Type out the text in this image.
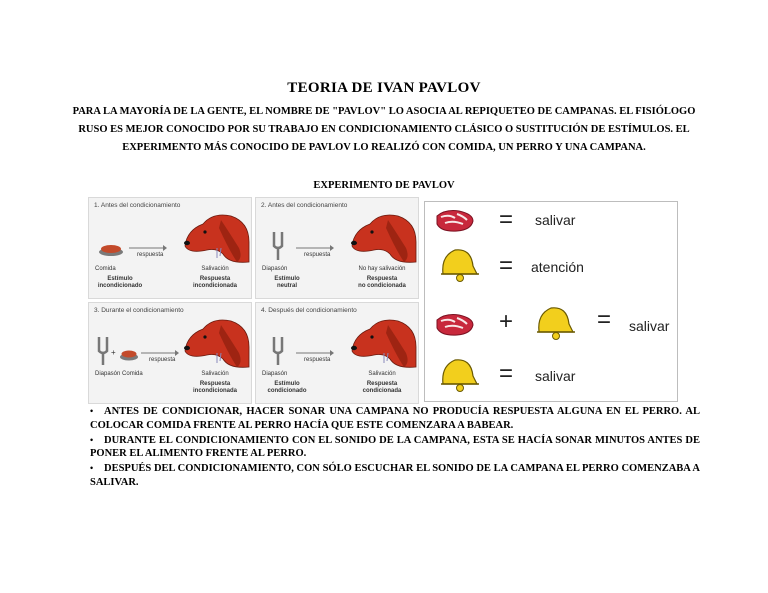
TEORIA DE IVAN PAVLOV
PARA LA MAYORÍA DE LA GENTE, EL NOMBRE DE "PAVLOV" LO ASOCIA AL REPIQUETEO DE CAMPANAS. EL FISIÓLOGO RUSO ES MEJOR CONOCIDO POR SU TRABAJO EN CONDICIONAMIENTO CLÁSICO O SUSTITUCIÓN DE ESTÍMULOS. EL EXPERIMENTO MÁS CONOCIDO DE PAVLOV LO REALIZÓ CON COMIDA, UN PERRO Y UNA CAMPANA.
EXPERIMENTO DE PAVLOV
1. Antes del condicionamiento
respuesta
Comida	Salivación
Estímulo
incondicionado
Respuesta
incondicionada
2. Antes del condicionamiento
respuesta
Diapasón	No hay salivación
Estímulo
neutral
Respuesta
no condicionada
3. Durante el condicionamiento
+
respuesta
Diapasón Comida	Salivación
Respuesta
incondicionada
4. Después del condicionamiento
respuesta
Diapasón	Salivación
Estímulo
condicionado
Respuesta
condicionada
= salivar
= atención
+	= salivar
= salivar
• ANTES DE CONDICIONAR, HACER SONAR UNA CAMPANA NO PRODUCÍA RESPUESTA ALGUNA EN EL PERRO. AL COLOCAR COMIDA FRENTE AL PERRO HACÍA QUE ESTE COMENZARA A BABEAR.
• DURANTE EL CONDICIONAMIENTO CON EL SONIDO DE LA CAMPANA, ESTA SE HACÍA SONAR MINUTOS ANTES DE PONER EL ALIMENTO FRENTE AL PERRO.
• DESPUÉS DEL CONDICIONAMIENTO, CON SÓLO ESCUCHAR EL SONIDO DE LA CAMPANA EL PERRO COMENZABA A SALIVAR.
